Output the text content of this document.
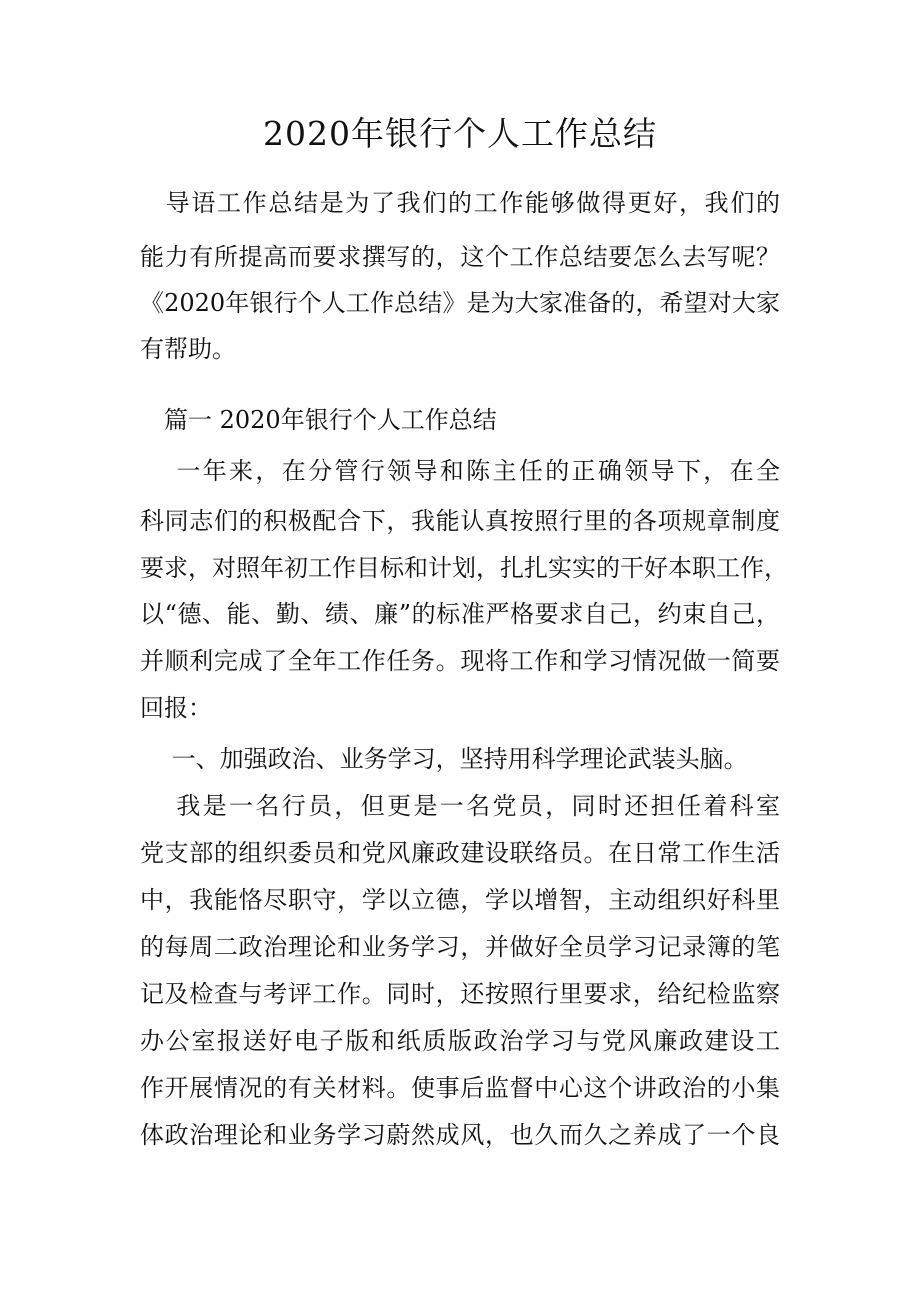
2020年银行个人工作总结

　导语工作总结是为了我们的工作能够做得更好，我们的

能力有所提高而要求撰写的，这个工作总结要怎么去写呢？

《2020年银行个人工作总结》是为大家准备的，希望对大家

有帮助。

　篇一 2020年银行个人工作总结

　 一年来，在分管行领导和陈主任的正确领导下，在全

科同志们的积极配合下，我能认真按照行里的各项规章制度

要求，对照年初工作目标和计划，扎扎实实的干好本职工作，

以“德、能、勤、绩、廉”的标准严格要求自己，约束自己，

并顺利完成了全年工作任务。现将工作和学习情况做一简要

回报：

　 一、加强政治、业务学习，坚持用科学理论武装头脑。

　 我是一名行员，但更是一名党员，同时还担任着科室

党支部的组织委员和党风廉政建设联络员。在日常工作生活

中，我能恪尽职守，学以立德，学以增智，主动组织好科里

的每周二政治理论和业务学习，并做好全员学习记录簿的笔

记及检查与考评工作。同时，还按照行里要求，给纪检监察

办公室报送好电子版和纸质版政治学习与党风廉政建设工

作开展情况的有关材料。使事后监督中心这个讲政治的小集

体政治理论和业务学习蔚然成风，也久而久之养成了一个良
